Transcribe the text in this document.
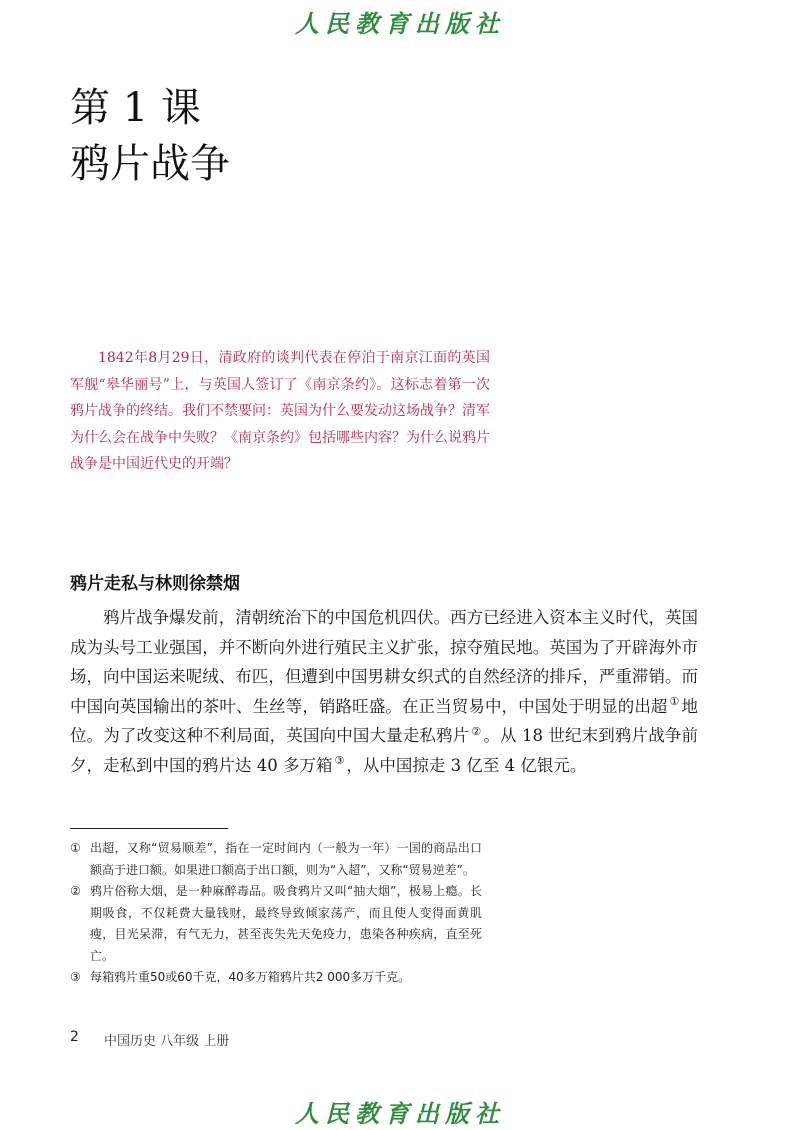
人民教育出版社
第 1 课
鸦片战争

1842年8月29日，清政府的谈判代表在停泊于南京江面的英国军舰“皋华丽号”上，与英国人签订了《南京条约》。这标志着第一次鸦片战争的终结。我们不禁要问：英国为什么要发动这场战争？清军为什么会在战争中失败？《南京条约》包括哪些内容？为什么说鸦片战争是中国近代史的开端？

鸦片走私与林则徐禁烟

鸦片战争爆发前，清朝统治下的中国危机四伏。西方已经进入资本主义时代，英国成为头号工业强国，并不断向外进行殖民主义扩张，掠夺殖民地。英国为了开辟海外市场，向中国运来呢绒、布匹，但遭到中国男耕女织式的自然经济的排斥，严重滞销。而中国向英国输出的茶叶、生丝等，销路旺盛。在正当贸易中，中国处于明显的出超 ① 地位。为了改变这种不利局面，英国向中国大量走私鸦片 ② 。从 18 世纪末到鸦片战争前夕，走私到中国的鸦片达 40 多万箱 ③ ，从中国掠走 3 亿至 4 亿银元。

① 出超，又称“贸易顺差”，指在一定时间内（一般为一年）一国的商品出口额高于进口额。如果进口额高于出口额，则为“入超”，又称“贸易逆差”。
② 鸦片俗称大烟，是一种麻醉毒品。吸食鸦片又叫“抽大烟”，极易上瘾。长期吸食，不仅耗费大量钱财，最终导致倾家荡产，而且使人变得面黄肌瘦，目光呆滞，有气无力，甚至丧失先天免疫力，患染各种疾病，直至死亡。
③ 每箱鸦片重50或60千克，40多万箱鸦片共2 000多万千克。
2 中国历史 八年级 上册
人民教育出版社
